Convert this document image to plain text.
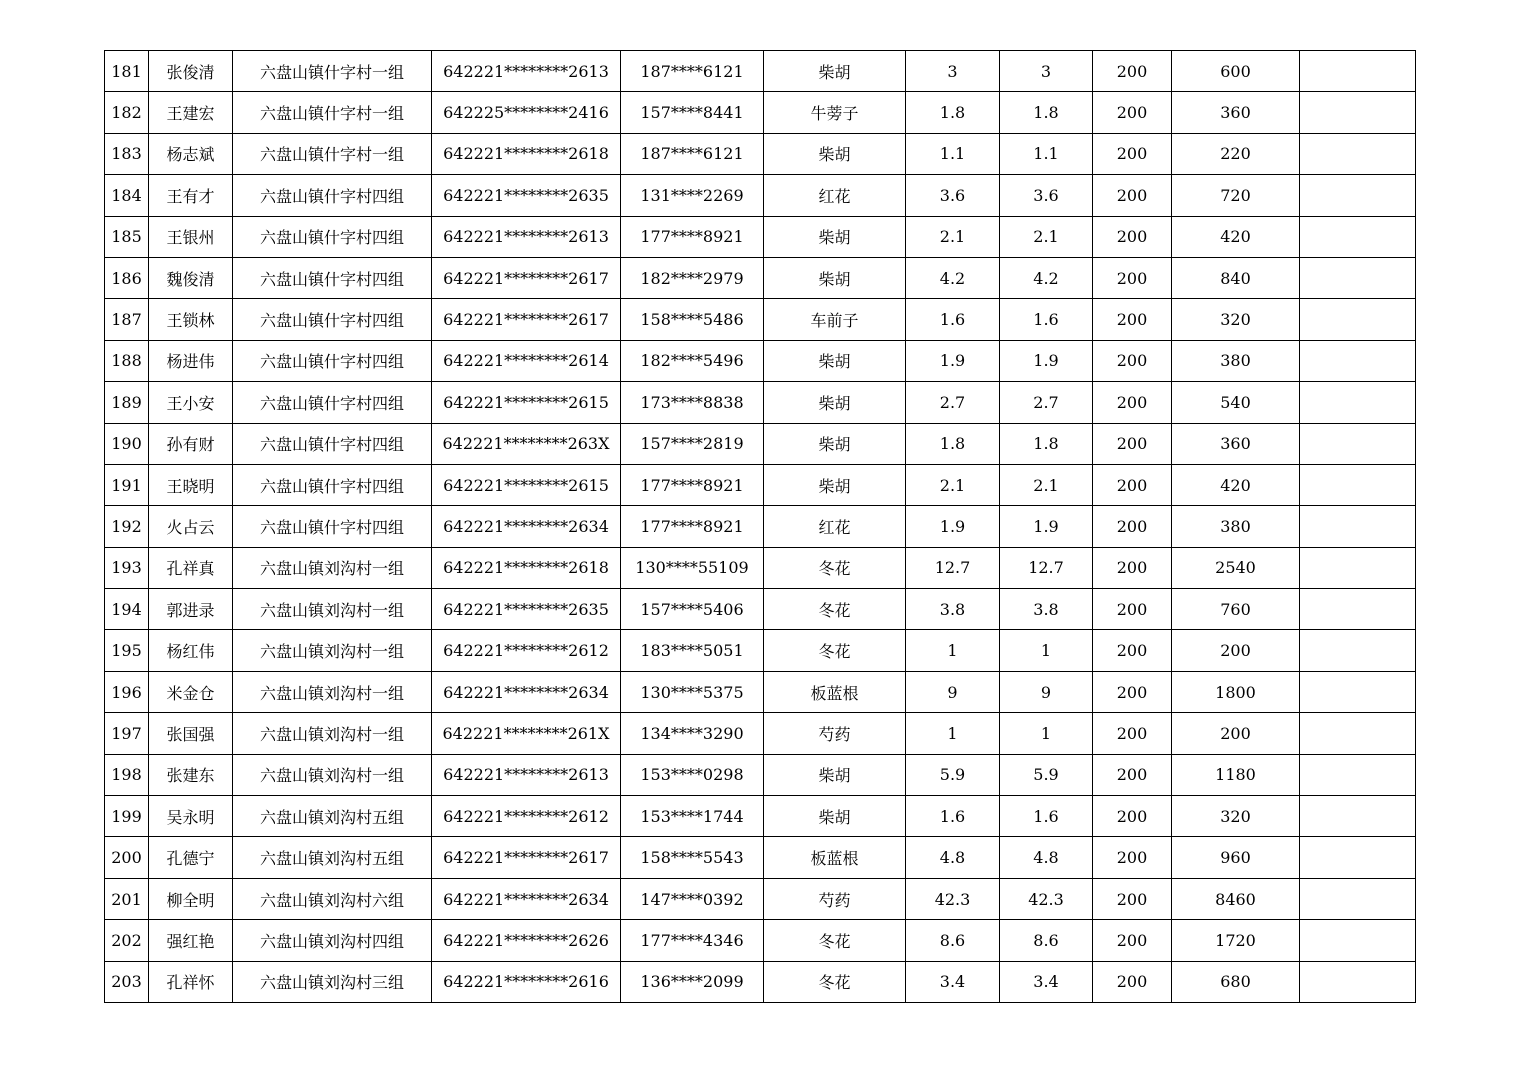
181	张俊清	六盘山镇什字村一组	642221********2613	187****6121	柴胡	3	3	200	600	
182	王建宏	六盘山镇什字村一组	642225********2416	157****8441	牛蒡子	1.8	1.8	200	360	
183	杨志斌	六盘山镇什字村一组	642221********2618	187****6121	柴胡	1.1	1.1	200	220	
184	王有才	六盘山镇什字村四组	642221********2635	131****2269	红花	3.6	3.6	200	720	
185	王银州	六盘山镇什字村四组	642221********2613	177****8921	柴胡	2.1	2.1	200	420	
186	魏俊清	六盘山镇什字村四组	642221********2617	182****2979	柴胡	4.2	4.2	200	840	
187	王锁林	六盘山镇什字村四组	642221********2617	158****5486	车前子	1.6	1.6	200	320	
188	杨进伟	六盘山镇什字村四组	642221********2614	182****5496	柴胡	1.9	1.9	200	380	
189	王小安	六盘山镇什字村四组	642221********2615	173****8838	柴胡	2.7	2.7	200	540	
190	孙有财	六盘山镇什字村四组	642221********263X	157****2819	柴胡	1.8	1.8	200	360	
191	王晓明	六盘山镇什字村四组	642221********2615	177****8921	柴胡	2.1	2.1	200	420	
192	火占云	六盘山镇什字村四组	642221********2634	177****8921	红花	1.9	1.9	200	380	
193	孔祥真	六盘山镇刘沟村一组	642221********2618	130****55109	冬花	12.7	12.7	200	2540	
194	郭进录	六盘山镇刘沟村一组	642221********2635	157****5406	冬花	3.8	3.8	200	760	
195	杨红伟	六盘山镇刘沟村一组	642221********2612	183****5051	冬花	1	1	200	200	
196	米金仓	六盘山镇刘沟村一组	642221********2634	130****5375	板蓝根	9	9	200	1800	
197	张国强	六盘山镇刘沟村一组	642221********261X	134****3290	芍药	1	1	200	200	
198	张建东	六盘山镇刘沟村一组	642221********2613	153****0298	柴胡	5.9	5.9	200	1180	
199	吴永明	六盘山镇刘沟村五组	642221********2612	153****1744	柴胡	1.6	1.6	200	320	
200	孔德宁	六盘山镇刘沟村五组	642221********2617	158****5543	板蓝根	4.8	4.8	200	960	
201	柳全明	六盘山镇刘沟村六组	642221********2634	147****0392	芍药	42.3	42.3	200	8460	
202	强红艳	六盘山镇刘沟村四组	642221********2626	177****4346	冬花	8.6	8.6	200	1720	
203	孔祥怀	六盘山镇刘沟村三组	642221********2616	136****2099	冬花	3.4	3.4	200	680	
